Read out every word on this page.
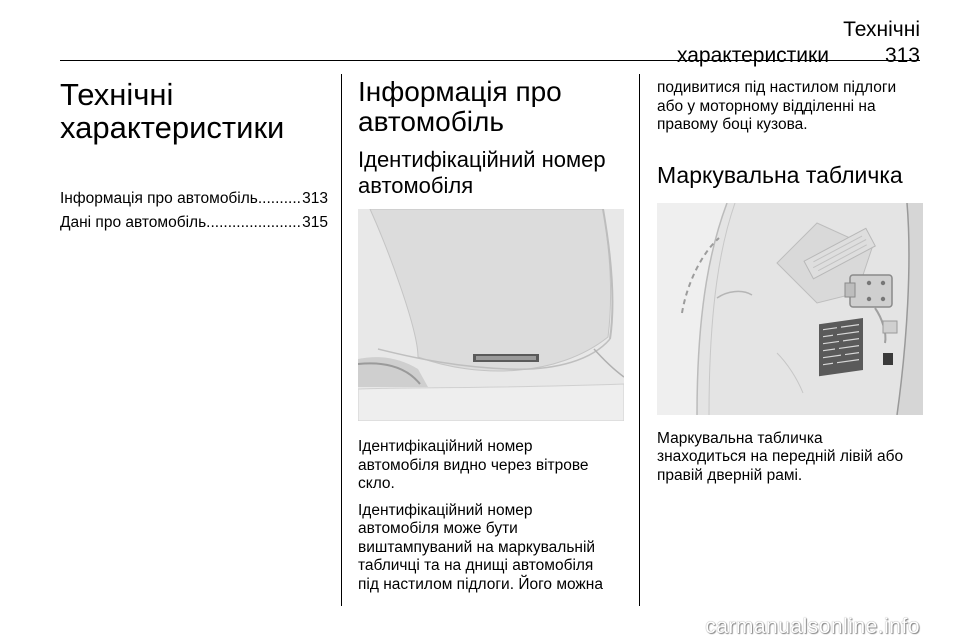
Технічні характеристики	313
Технічні
характеристики
Інформація про автомобіль .....	313
Дані про автомобіль .....	315
Інформація про
автомобіль
Ідентифікаційний номер
автомобіля

Ідентифікаційний номер
автомобіля видно через вітрове
скло.

Ідентифікаційний номер
автомобіля може бути
виштампуваний на маркувальній
табличці та на днищі автомобіля
під настилом підлоги. Його можна

подивитися під настилом підлоги
або у моторному відділенні на
правому боці кузова.

Маркувальна табличка

Маркувальна табличка
знаходиться на передній лівій або
правій дверній рамі.

carmanualsonline.info
